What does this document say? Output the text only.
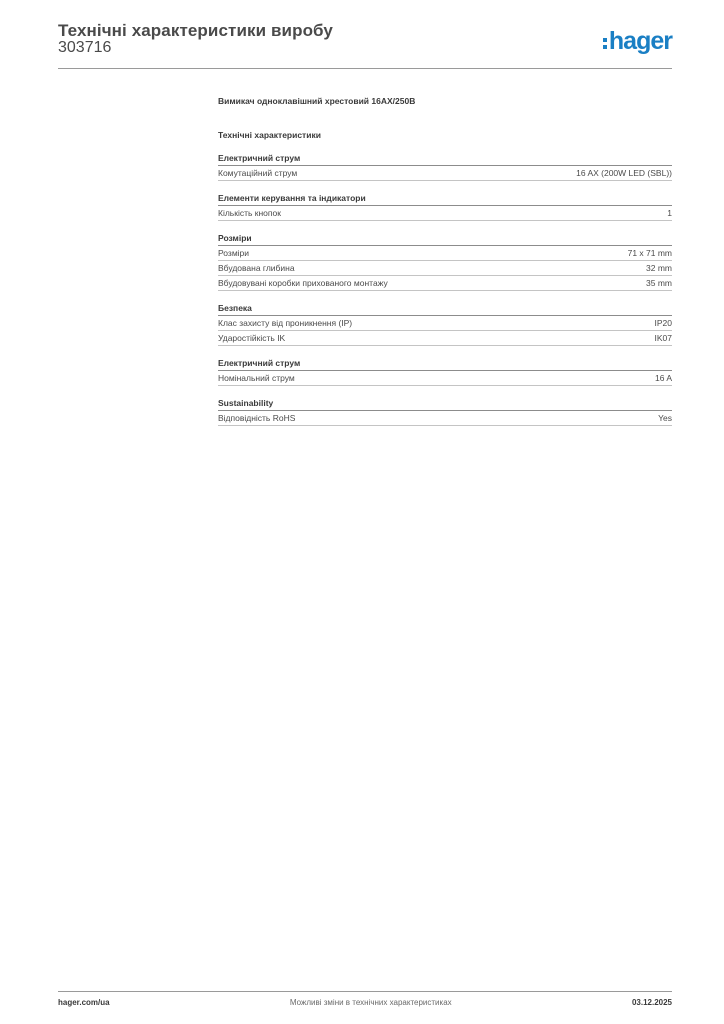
Технічні характеристики виробу
303716	hager
Вимикач одноклавішний хрестовий 16AX/250B
Технічні характеристики
Електричний струм
Комутаційний струм	16 AX (200W LED (SBL))
Елементи керування та індикатори
Кількість кнопок	1
Розміри
Розміри	71 x 71 mm
Вбудована глибина	32 mm
Вбудовувані коробки прихованого монтажу	35 mm
Безпека
Клас захисту від проникнення (IP)	IP20
Ударостійкість IK	IK07
Електричний струм
Номінальний струм	16 A
Sustainability
Відповідність RoHS	Yes
hager.com/ua	Можливі зміни в технічних характеристиках	03.12.2025
